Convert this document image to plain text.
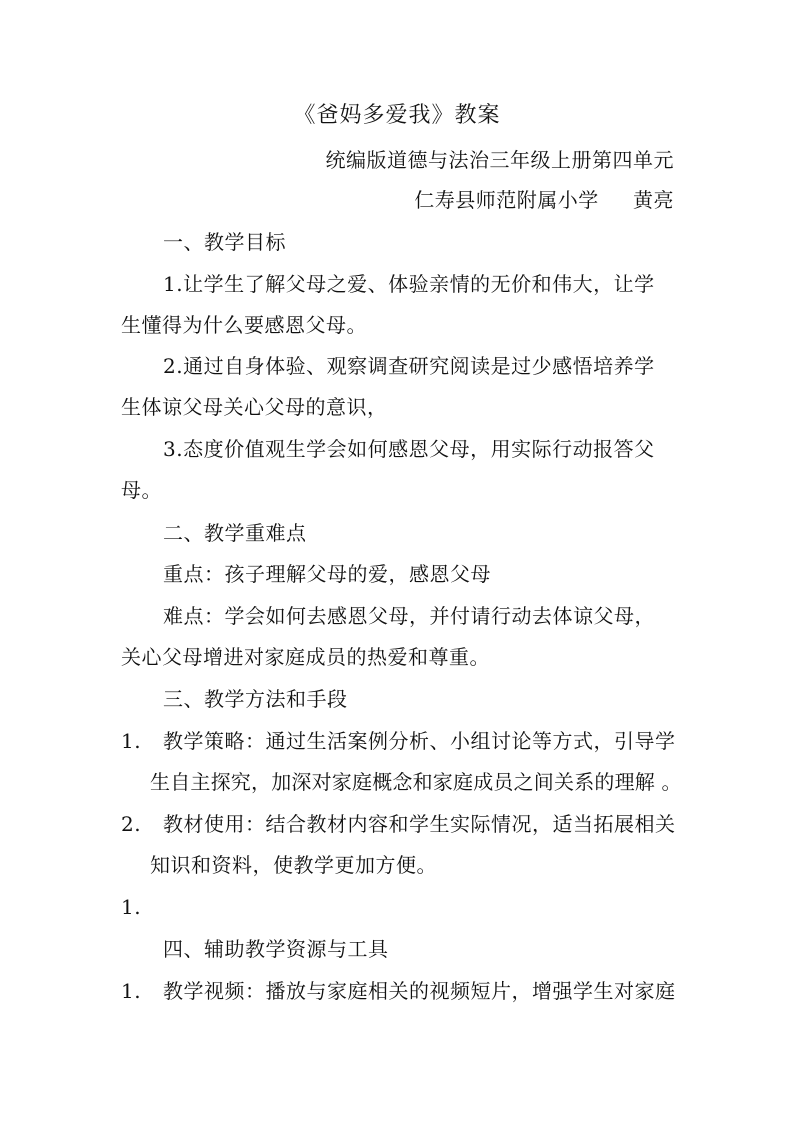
《爸妈多爱我》教案
统编版道德与法治三年级上册第四单元
仁寿县师范附属小学     黄亮
一、教学目标
1.让学生了解父母之爱、体验亲情的无价和伟大，让学
生懂得为什么要感恩父母。
2.通过自身体验、观察调查研究阅读是过少感悟培养学
生体谅父母关心父母的意识，
3.态度价值观生学会如何感恩父母，用实际行动报答父
母。
二、教学重难点
重点：孩子理解父母的爱，感恩父母
难点：学会如何去感恩父母，并付请行动去体谅父母，
关心父母增进对家庭成员的热爱和尊重。
三、教学方法和手段
1. 教学策略：通过生活案例分析、小组讨论等方式，引导学
生自主探究，加深对家庭概念和家庭成员之间关系的理解 。
2. 教材使用：结合教材内容和学生实际情况，适当拓展相关
知识和资料，使教学更加方便。
1.
四、辅助教学资源与工具
1. 教学视频：播放与家庭相关的视频短片，增强学生对家庭
